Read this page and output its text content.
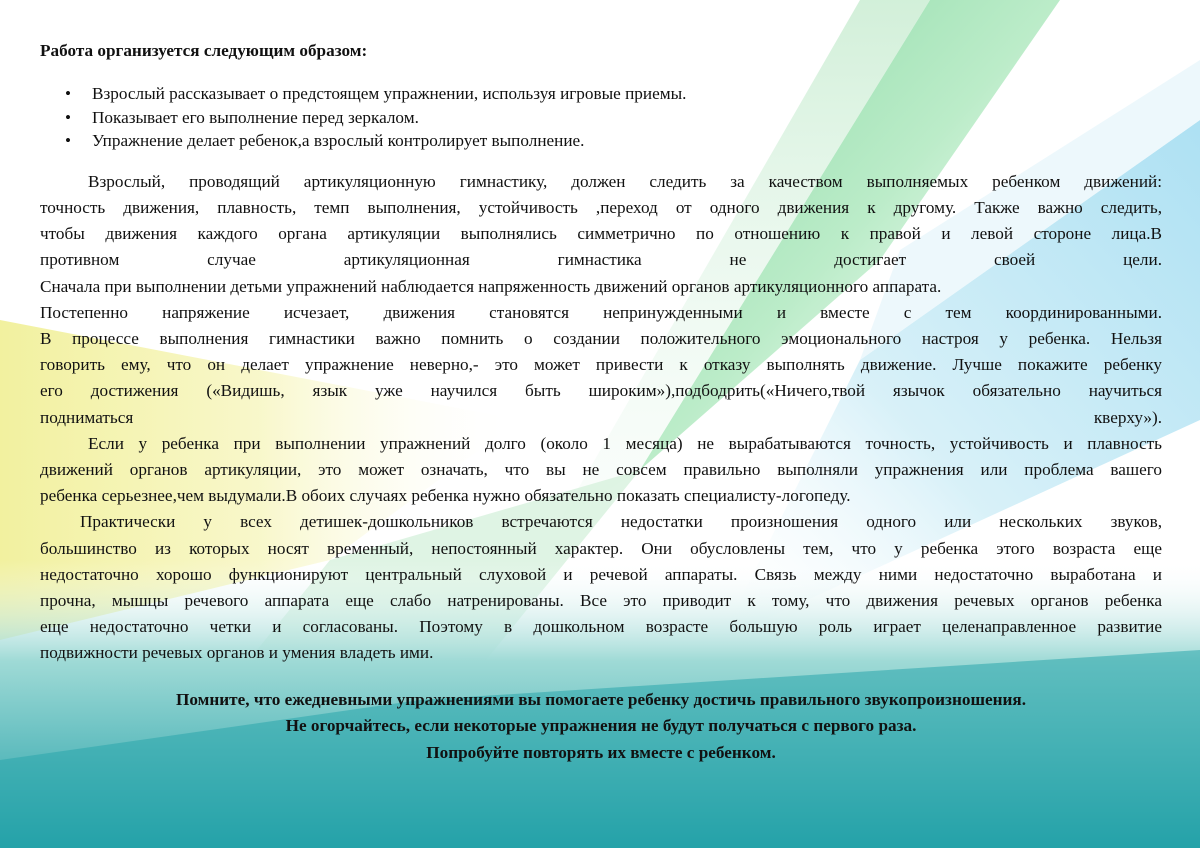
Работа организуется следующим образом:
• Взрослый рассказывает о предстоящем упражнении, используя игровые приемы.
• Показывает его выполнение перед зеркалом.
• Упражнение делает ребенок,а взрослый контролирует выполнение.

Взрослый, проводящий артикуляционную гимнастику, должен следить за качеством выполняемых ребенком движений:

точность движения, плавность, темп выполнения, устойчивость ,переход от одного движения к другому. Также важно следить,

чтобы движения каждого органа артикуляции выполнялись симметрично по отношению к правой и левой стороне лица.В

противном случае артикуляционная гимнастика не достигает своей цели.

Сначала при выполнении детьми упражнений наблюдается напряженность движений органов артикуляционного аппарата.

Постепенно напряжение исчезает, движения становятся непринужденными и вместе с тем координированными.

В процессе выполнения гимнастики важно помнить о создании положительного эмоционального настроя у ребенка. Нельзя

говорить ему, что он делает упражнение неверно,- это может привести к отказу выполнять движение. Лучше покажите ребенку

его достижения («Видишь, язык уже научился быть широким»),подбодрить(«Ничего,твой язычок обязательно научиться

подниматься кверху»).

Если у ребенка при выполнении упражнений долго (около 1 месяца) не вырабатываются точность, устойчивость и плавность

движений органов артикуляции, это может означать, что вы не совсем правильно выполняли упражнения или проблема вашего

ребенка серьезнее,чем выдумали.В обоих случаях ребенка нужно обязательно показать специалисту-логопеду.

Практически у всех детишек-дошкольников встречаются недостатки произношения одного или нескольких звуков,

большинство из которых носят временный, непостоянный характер. Они обусловлены тем, что у ребенка этого возраста еще

недостаточно хорошо функционируют центральный слуховой и речевой аппараты. Связь между ними недостаточно выработана и

прочна, мышцы речевого аппарата еще слабо натренированы. Все это приводит к тому, что движения речевых органов ребенка

еще недостаточно четки и согласованы. Поэтому в дошкольном возрасте большую роль играет целенаправленное развитие

подвижности речевых органов и умения владеть ими.

Помните, что ежедневными упражнениями вы помогаете ребенку достичь правильного звукопроизношения.
Не огорчайтесь, если некоторые упражнения не будут получаться с первого раза.
Попробуйте повторять их вместе с ребенком.
